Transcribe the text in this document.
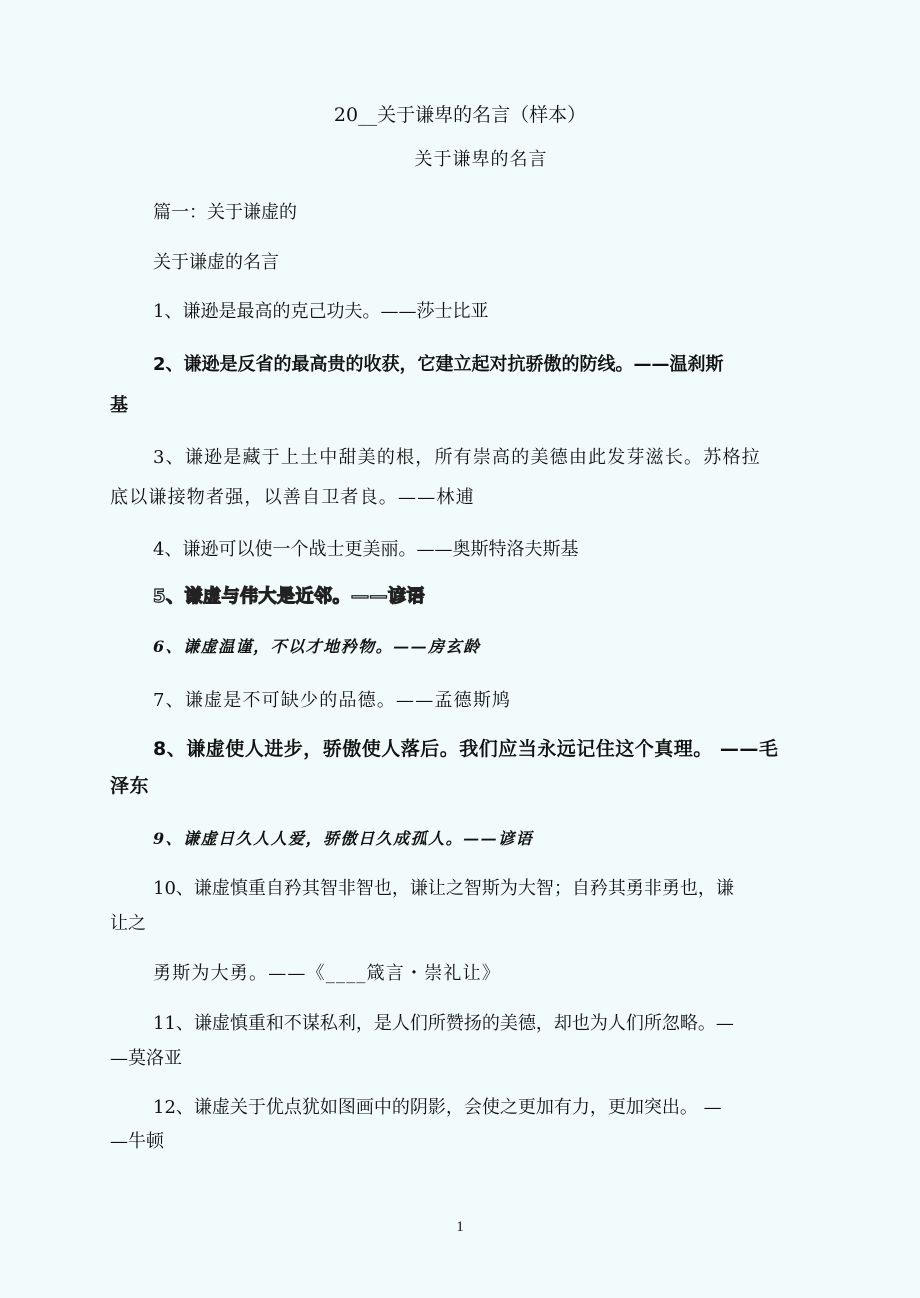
20__关于谦卑的名言（样本）

关于谦卑的名言

篇一：关于谦虚的

关于谦虚的名言

1、谦逊是最高的克己功夫。——莎士比亚

2、谦逊是反省的最高贵的收获，它建立起对抗骄傲的防线。——温刹斯

基

3、谦逊是藏于上土中甜美的根，所有崇高的美德由此发芽滋长。苏格拉

底以谦接物者强，以善自卫者良。——林逋

4、谦逊可以使一个战士更美丽。——奥斯特洛夫斯基

5、谦虚与伟大是近邻。——谚语

6、谦虚温谨，不以才地矜物。——房玄龄

7、谦虚是不可缺少的品德。——孟德斯鸠

8、谦虚使人进步，骄傲使人落后。我们应当永远记住这个真理。 ——毛

泽东

9、谦虚日久人人爱，骄傲日久成孤人。——谚语

10、谦虚慎重自矜其智非智也，谦让之智斯为大智；自矜其勇非勇也，谦

让之

勇斯为大勇。——《____箴言・崇礼让》

11、谦虚慎重和不谋私利，是人们所赞扬的美德，却也为人们所忽略。—

—莫洛亚

12、谦虚关于优点犹如图画中的阴影，会使之更加有力，更加突出。 —

—牛顿

1
